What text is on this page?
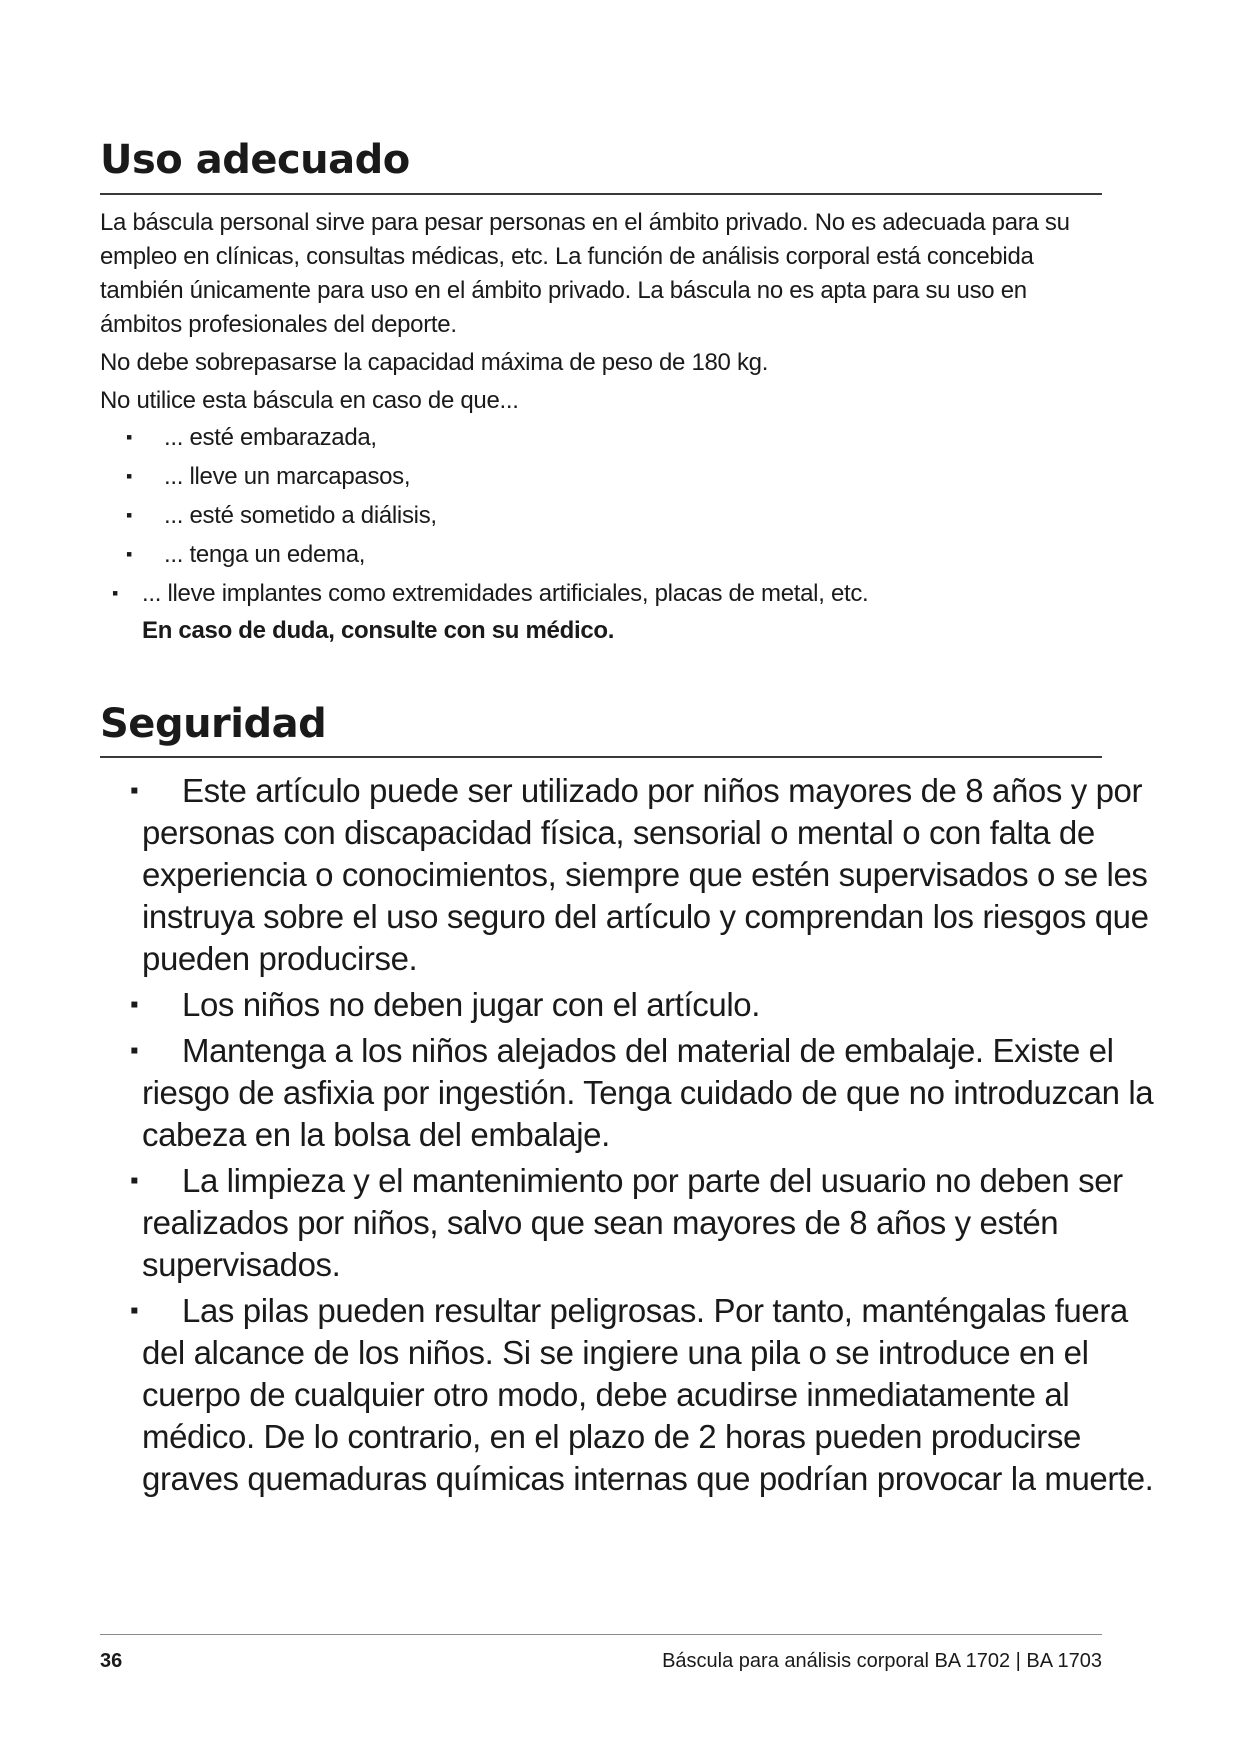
Uso adecuado

La báscula personal sirve para pesar personas en el ámbito privado. No es adecuada para su empleo en clínicas, consultas médicas, etc. La función de análisis corporal está concebida también únicamente para uso en el ámbito privado. La báscula no es apta para su uso en ámbitos profesionales del deporte.

No debe sobrepasarse la capacidad máxima de peso de 180 kg.

No utilice esta báscula en caso de que...

▪ ... esté embarazada,
▪ ... lleve un marcapasos,
▪ ... esté sometido a diálisis,
▪ ... tenga un edema,
▪ ... lleve implantes como extremidades artificiales, placas de metal, etc.
En caso de duda, consulte con su médico.
Seguridad
▪ Este artículo puede ser utilizado por niños mayores de 8 años y por personas con discapacidad física, sensorial o mental o con falta de experiencia o conocimientos, siempre que estén supervisados o se les instruya sobre el uso seguro del artículo y comprendan los riesgos que pueden producirse.
▪ Los niños no deben jugar con el artículo.
▪ Mantenga a los niños alejados del material de embalaje. Existe el riesgo de asfixia por ingestión. Tenga cuidado de que no introduzcan la cabeza en la bolsa del embalaje.
▪ La limpieza y el mantenimiento por parte del usuario no deben ser realizados por niños, salvo que sean mayores de 8 años y estén supervisados.
▪ Las pilas pueden resultar peligrosas. Por tanto, manténgalas fuera del alcance de los niños. Si se ingiere una pila o se introduce en el cuerpo de cualquier otro modo, debe acudirse inmediatamente al médico. De lo contrario, en el plazo de 2 horas pueden producirse graves quemaduras químicas internas que podrían provocar la muerte.
36	Báscula para análisis corporal BA 1702 | BA 1703
